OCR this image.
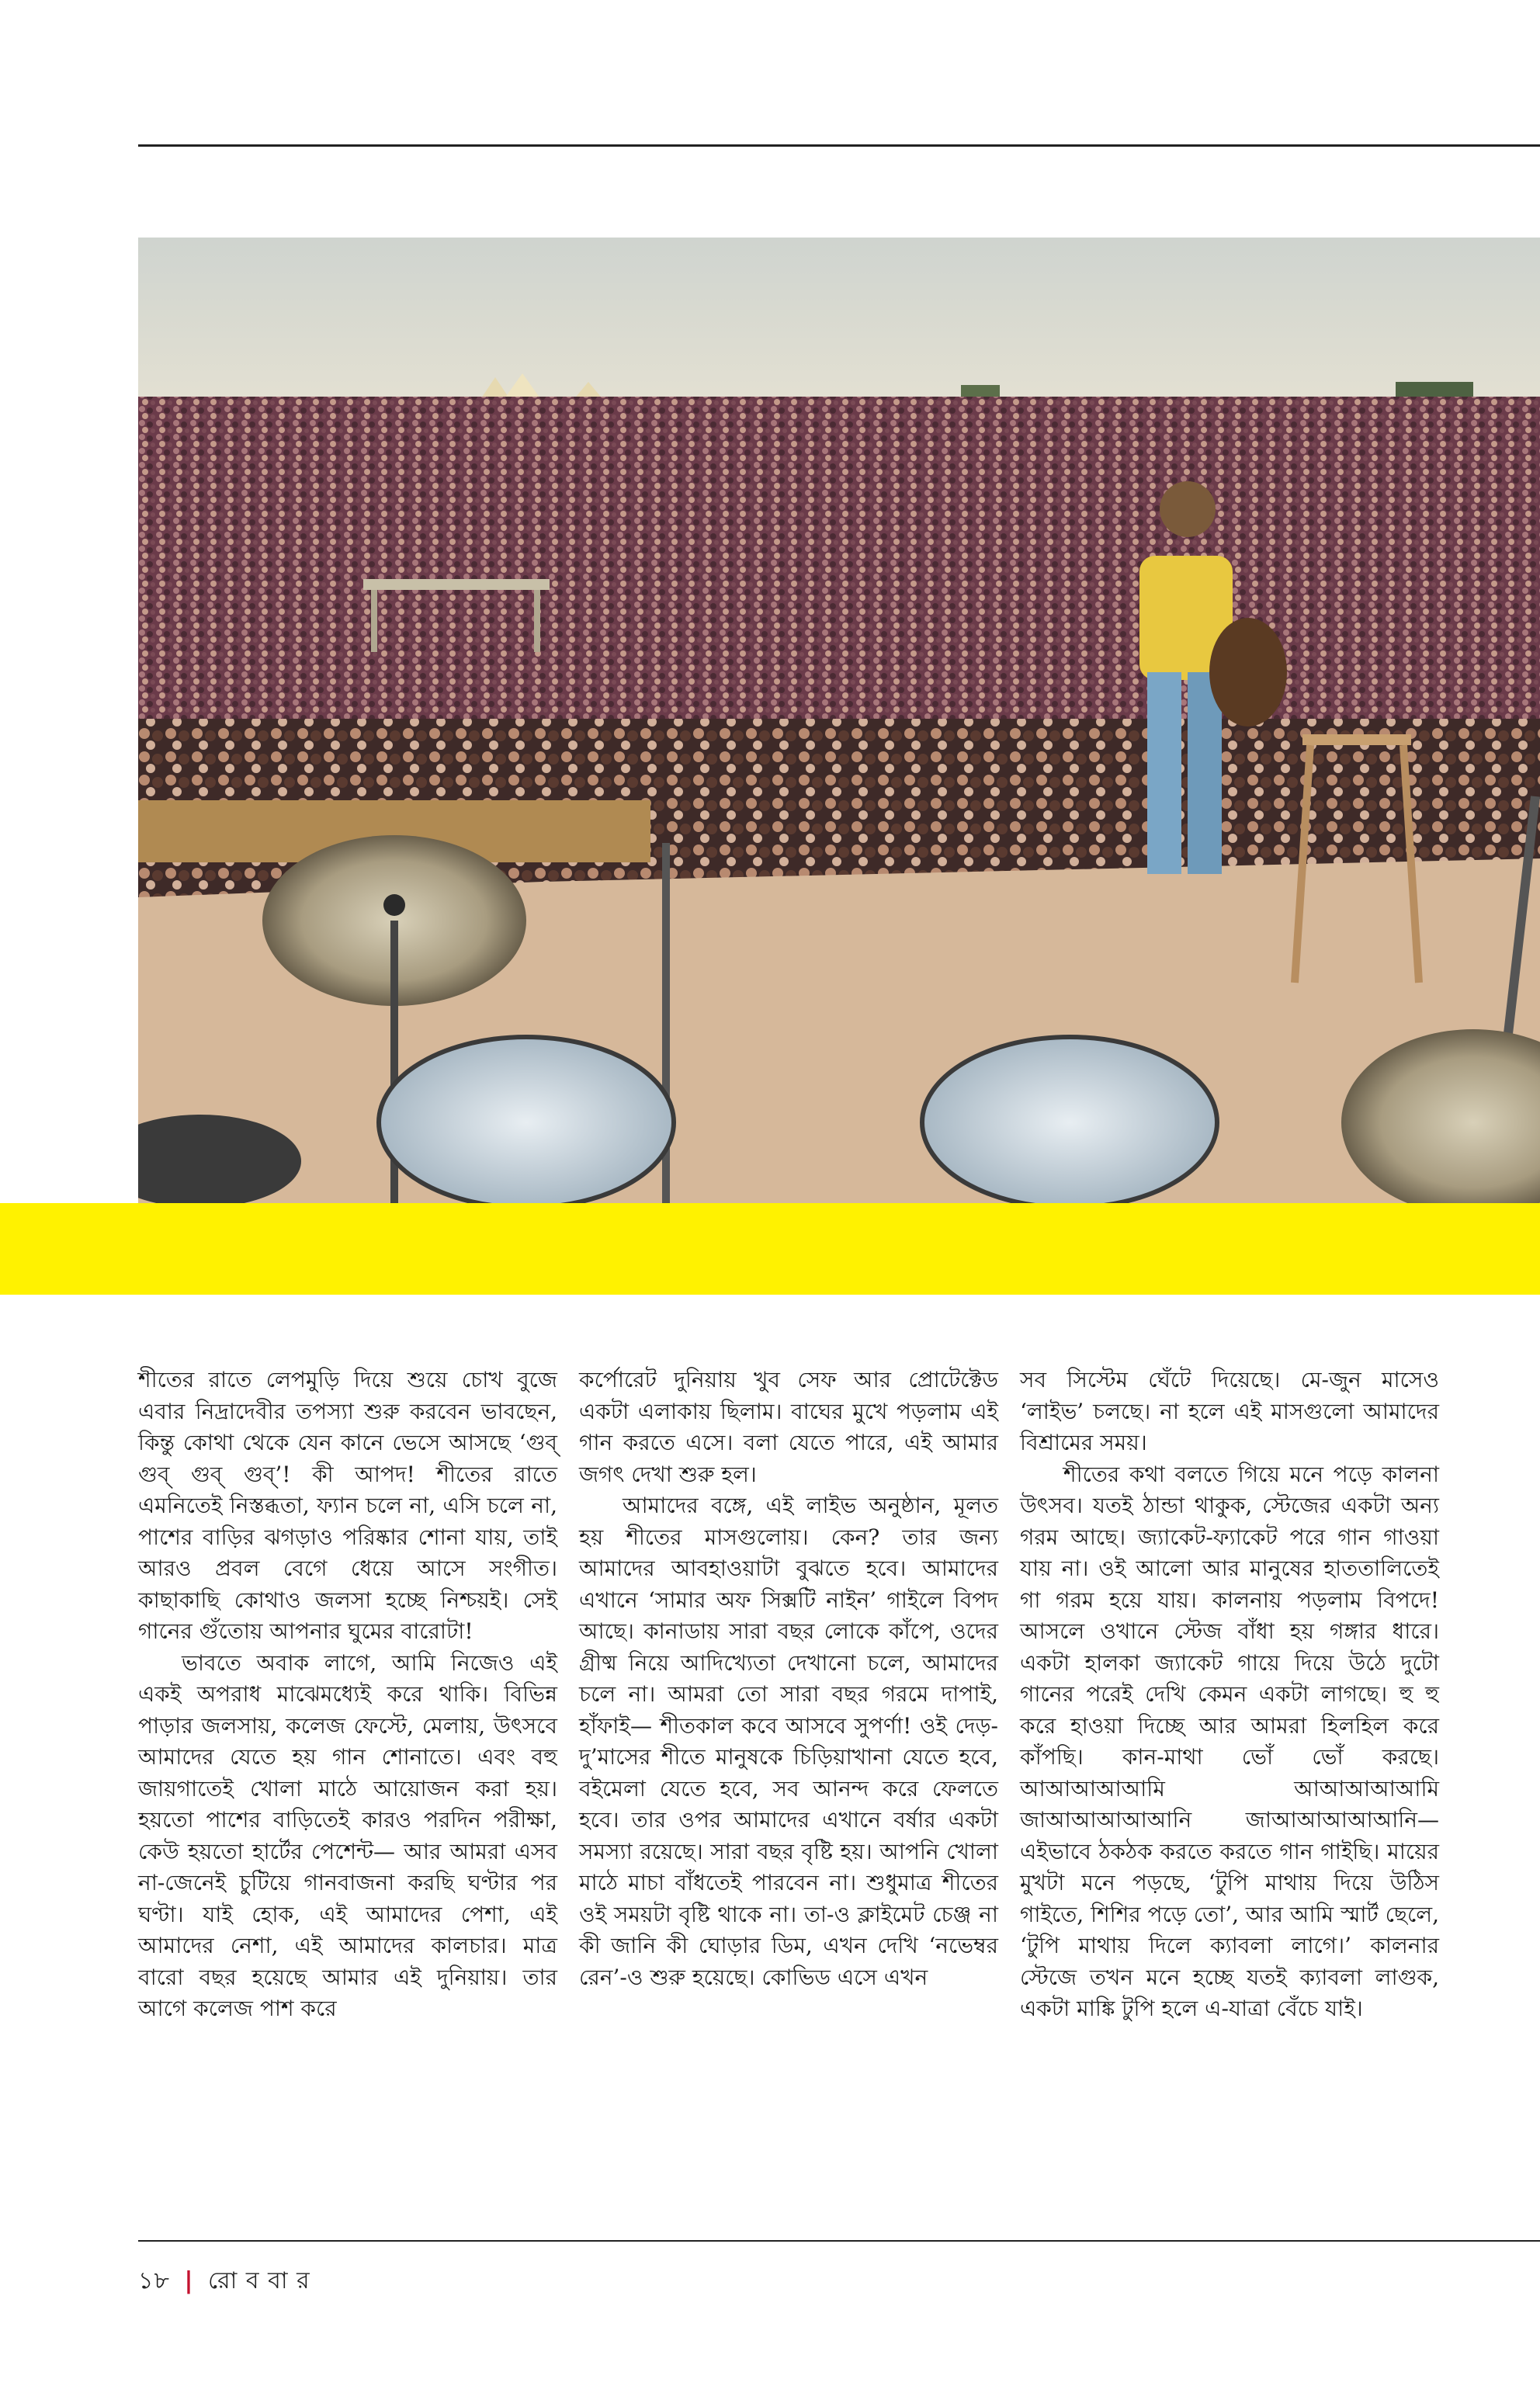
শীতের রাতে লেপমুড়ি দিয়ে শুয়ে চোখ বুজে এবার নিদ্রাদেবীর তপস্যা শুরু করবেন ভাবছেন, কিন্তু কোথা থেকে যেন কানে ভেসে আসছে ‘গুব্‌ গুব্‌ গুব্‌ গুব্‌’! কী আপদ! শীতের রাতে এমনিতেই নিস্তব্ধতা, ফ্যান চলে না, এসি চলে না, পাশের বাড়ির ঝগড়াও পরিষ্কার শোনা যায়, তাই আরও প্রবল বেগে ধেয়ে আসে সংগীত। কাছাকাছি কোথাও জলসা হচ্ছে নিশ্চয়ই। সেই গানের গুঁতোয় আপনার ঘুমের বারোটা!

ভাবতে অবাক লাগে, আমি নিজেও এই একই অপরাধ মাঝেমধ্যেই করে থাকি। বিভিন্ন পাড়ার জলসায়, কলেজ ফেস্টে, মেলায়, উৎসবে আমাদের যেতে হয় গান শোনাতে। এবং বহু জায়গাতেই খোলা মাঠে আয়োজন করা হয়। হয়তো পাশের বাড়িতেই কারও পরদিন পরীক্ষা, কেউ হয়তো হার্টের পেশেন্ট— আর আমরা এসব না-জেনেই চুটিয়ে গানবাজনা করছি ঘণ্টার পর ঘণ্টা। যাই হোক, এই আমাদের পেশা, এই আমাদের নেশা, এই আমাদের কালচার। মাত্র বারো বছর হয়েছে আমার এই দুনিয়ায়। তার আগে কলেজ পাশ করে

কর্পোরেট দুনিয়ায় খুব সেফ আর প্রোটেক্টেড একটা এলাকায় ছিলাম। বাঘের মুখে পড়লাম এই গান করতে এসে। বলা যেতে পারে, এই আমার জগৎ দেখা শুরু হল।

আমাদের বঙ্গে, এই লাইভ অনুষ্ঠান, মূলত হয় শীতের মাসগুলোয়। কেন? তার জন্য আমাদের আবহাওয়াটা বুঝতে হবে। আমাদের এখানে ‘সামার অফ সিক্সটি নাইন’ গাইলে বিপদ আছে। কানাডায় সারা বছর লোকে কাঁপে, ওদের গ্রীষ্ম নিয়ে আদিখ্যেতা দেখানো চলে, আমাদের চলে না। আমরা তো সারা বছর গরমে দাপাই, হাঁফাই— শীতকাল কবে আসবে সুপর্ণা! ওই দেড়-দু’মাসের শীতে মানুষকে চিড়িয়াখানা যেতে হবে, বইমেলা যেতে হবে, সব আনন্দ করে ফেলতে হবে। তার ওপর আমাদের এখানে বর্ষার একটা সমস্যা রয়েছে। সারা বছর বৃষ্টি হয়। আপনি খোলা মাঠে মাচা বাঁধতেই পারবেন না। শুধুমাত্র শীতের ওই সময়টা বৃষ্টি থাকে না। তা-ও ক্লাইমেট চেঞ্জ না কী জানি কী ঘোড়ার ডিম, এখন দেখি ‘নভেম্বর রেন’-ও শুরু হয়েছে। কোভিড এসে এখন

সব সিস্টেম ঘেঁটে দিয়েছে। মে-জুন মাসেও ‘লাইভ’ চলছে। না হলে এই মাসগুলো আমাদের বিশ্রামের সময়।

শীতের কথা বলতে গিয়ে মনে পড়ে কালনা উৎসব। যতই ঠান্ডা থাকুক, স্টেজের একটা অন্য গরম আছে। জ্যাকেট-ফ্যাকেট পরে গান গাওয়া যায় না। ওই আলো আর মানুষের হাততালিতেই গা গরম হয়ে যায়। কালনায় পড়লাম বিপদে! আসলে ওখানে স্টেজ বাঁধা হয় গঙ্গার ধারে। একটা হালকা জ্যাকেট গায়ে দিয়ে উঠে দুটো গানের পরেই দেখি কেমন একটা লাগছে। হু হু করে হাওয়া দিচ্ছে আর আমরা হিলহিল করে কাঁপছি। কান-মাথা ভোঁ ভোঁ করছে। আআআআআমি আআআআআমি জাআআআআআনি জাআআআআআনি— এইভাবে ঠকঠক করতে করতে গান গাইছি। মায়ের মুখটা মনে পড়ছে, ‘টুপি মাথায় দিয়ে উঠিস গাইতে, শিশির পড়ে তো’, আর আমি স্মার্ট ছেলে, ‘টুপি মাথায় দিলে ক্যাবলা লাগে।’ কালনার স্টেজে তখন মনে হচ্ছে যতই ক্যাবলা লাগুক, একটা মাঙ্কি টুপি হলে এ-যাত্রা বেঁচে যাই।

১৮ | রো ব বা র
